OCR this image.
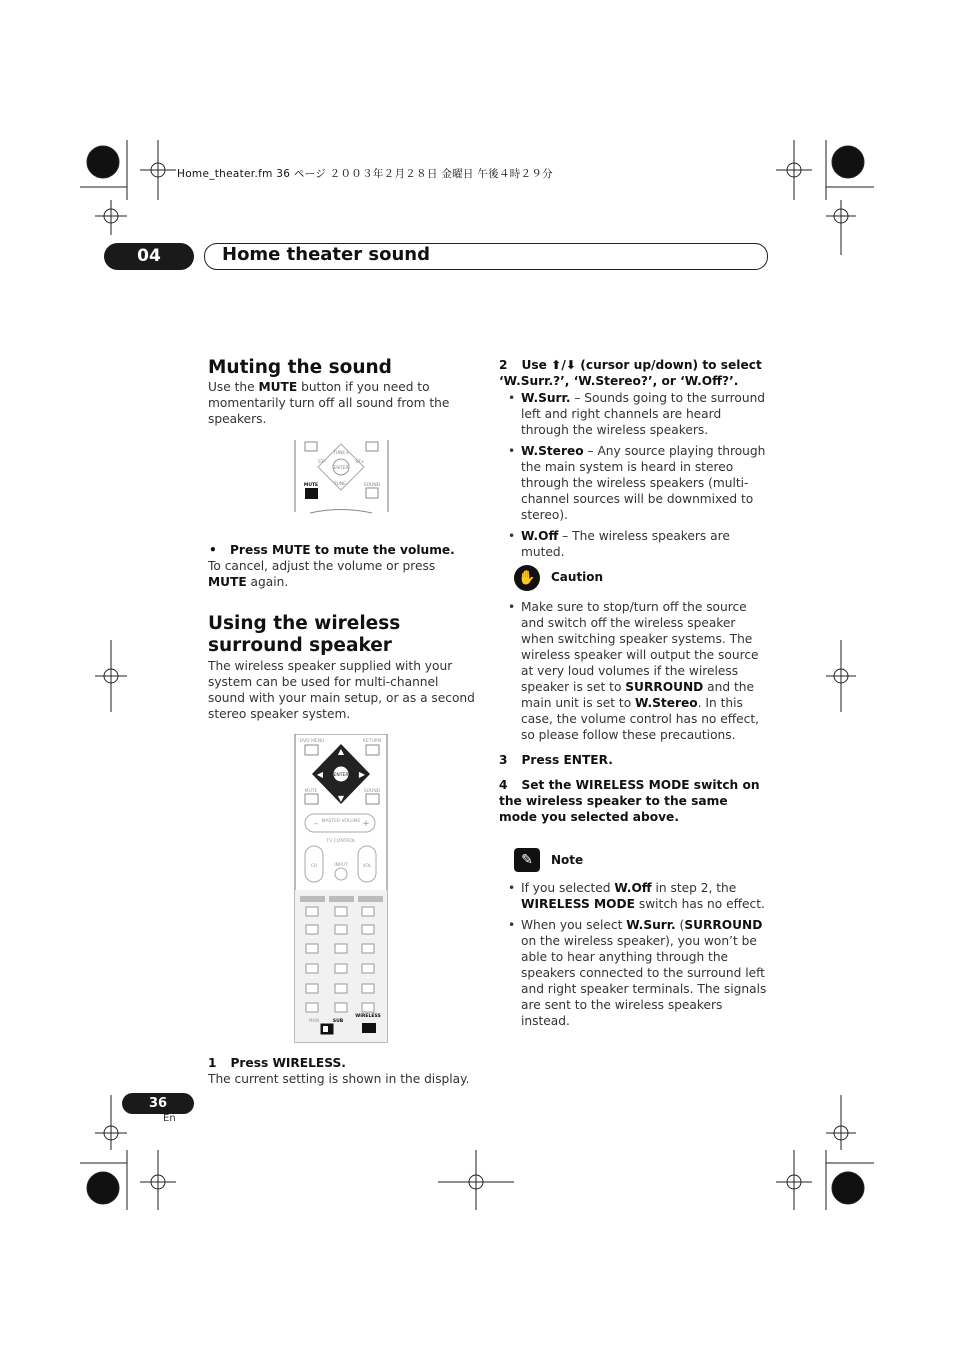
Home_theater.fm 36 ページ ２００３年２月２８日 金曜日 午後４時２９分
04	Home theater sound
Muting the sound
Use the MUTE button if you need to momentarily turn off all sound from the speakers.
ENTER
TUNE+
TUNE–
ST–	ST+
MUTE	SOUND
• Press MUTE to mute the volume.
To cancel, adjust the volume or press MUTE again.
Using the wireless surround speaker
The wireless speaker supplied with your system can be used for multi-channel sound with your main setup, or as a second stereo speaker system.
DVD MENU	RETURN
ENTER
▲
▼
◀	▶
MUTE	SOUND
MASTER VOLUME
–	+
TV CONTROL
CH	INPUT	VOL
MAIN	SUB
WIRELESS
1 Press WIRELESS.
The current setting is shown in the display.
2 Use ⬆/⬇ (cursor up/down) to select ‘W.Surr.?’, ‘W.Stereo?’, or ‘W.Off?’.
• W.Surr. – Sounds going to the surround left and right channels are heard through the wireless speakers.
• W.Stereo – Any source playing through the main system is heard in stereo through the wireless speakers (multi-channel sources will be downmixed to stereo).
• W.Off – The wireless speakers are muted.
✋	Caution
• Make sure to stop/turn off the source and switch off the wireless speaker when switching speaker systems. The wireless speaker will output the source at very loud volumes if the wireless speaker is set to SURROUND and the main unit is set to W.Stereo. In this case, the volume control has no effect, so please follow these precautions.
3 Press ENTER.
4 Set the WIRELESS MODE switch on the wireless speaker to the same mode you selected above.
✎	Note
• If you selected W.Off in step 2, the WIRELESS MODE switch has no effect.
• When you select W.Surr. (SURROUND on the wireless speaker), you won’t be able to hear anything through the speakers connected to the surround left and right speaker terminals. The signals are sent to the wireless speakers instead.
36
En
